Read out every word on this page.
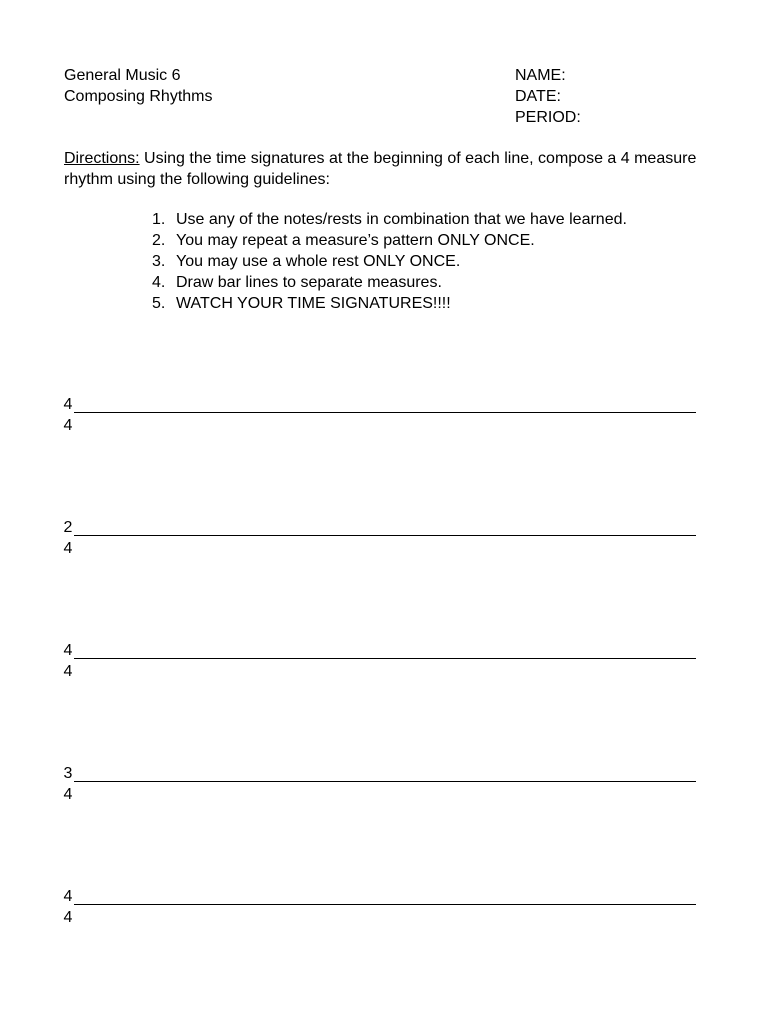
General Music 6
Composing Rhythms
NAME:
DATE:
PERIOD:
Directions: Using the time signatures at the beginning of each line, compose a 4 measure rhythm using the following guidelines:
1. Use any of the notes/rests in combination that we have learned.
2. You may repeat a measure’s pattern ONLY ONCE.
3. You may use a whole rest ONLY ONCE.
4. Draw bar lines to separate measures.
5. WATCH YOUR TIME SIGNATURES!!!!
4
4
2
4
4
4
3
4
4
4
